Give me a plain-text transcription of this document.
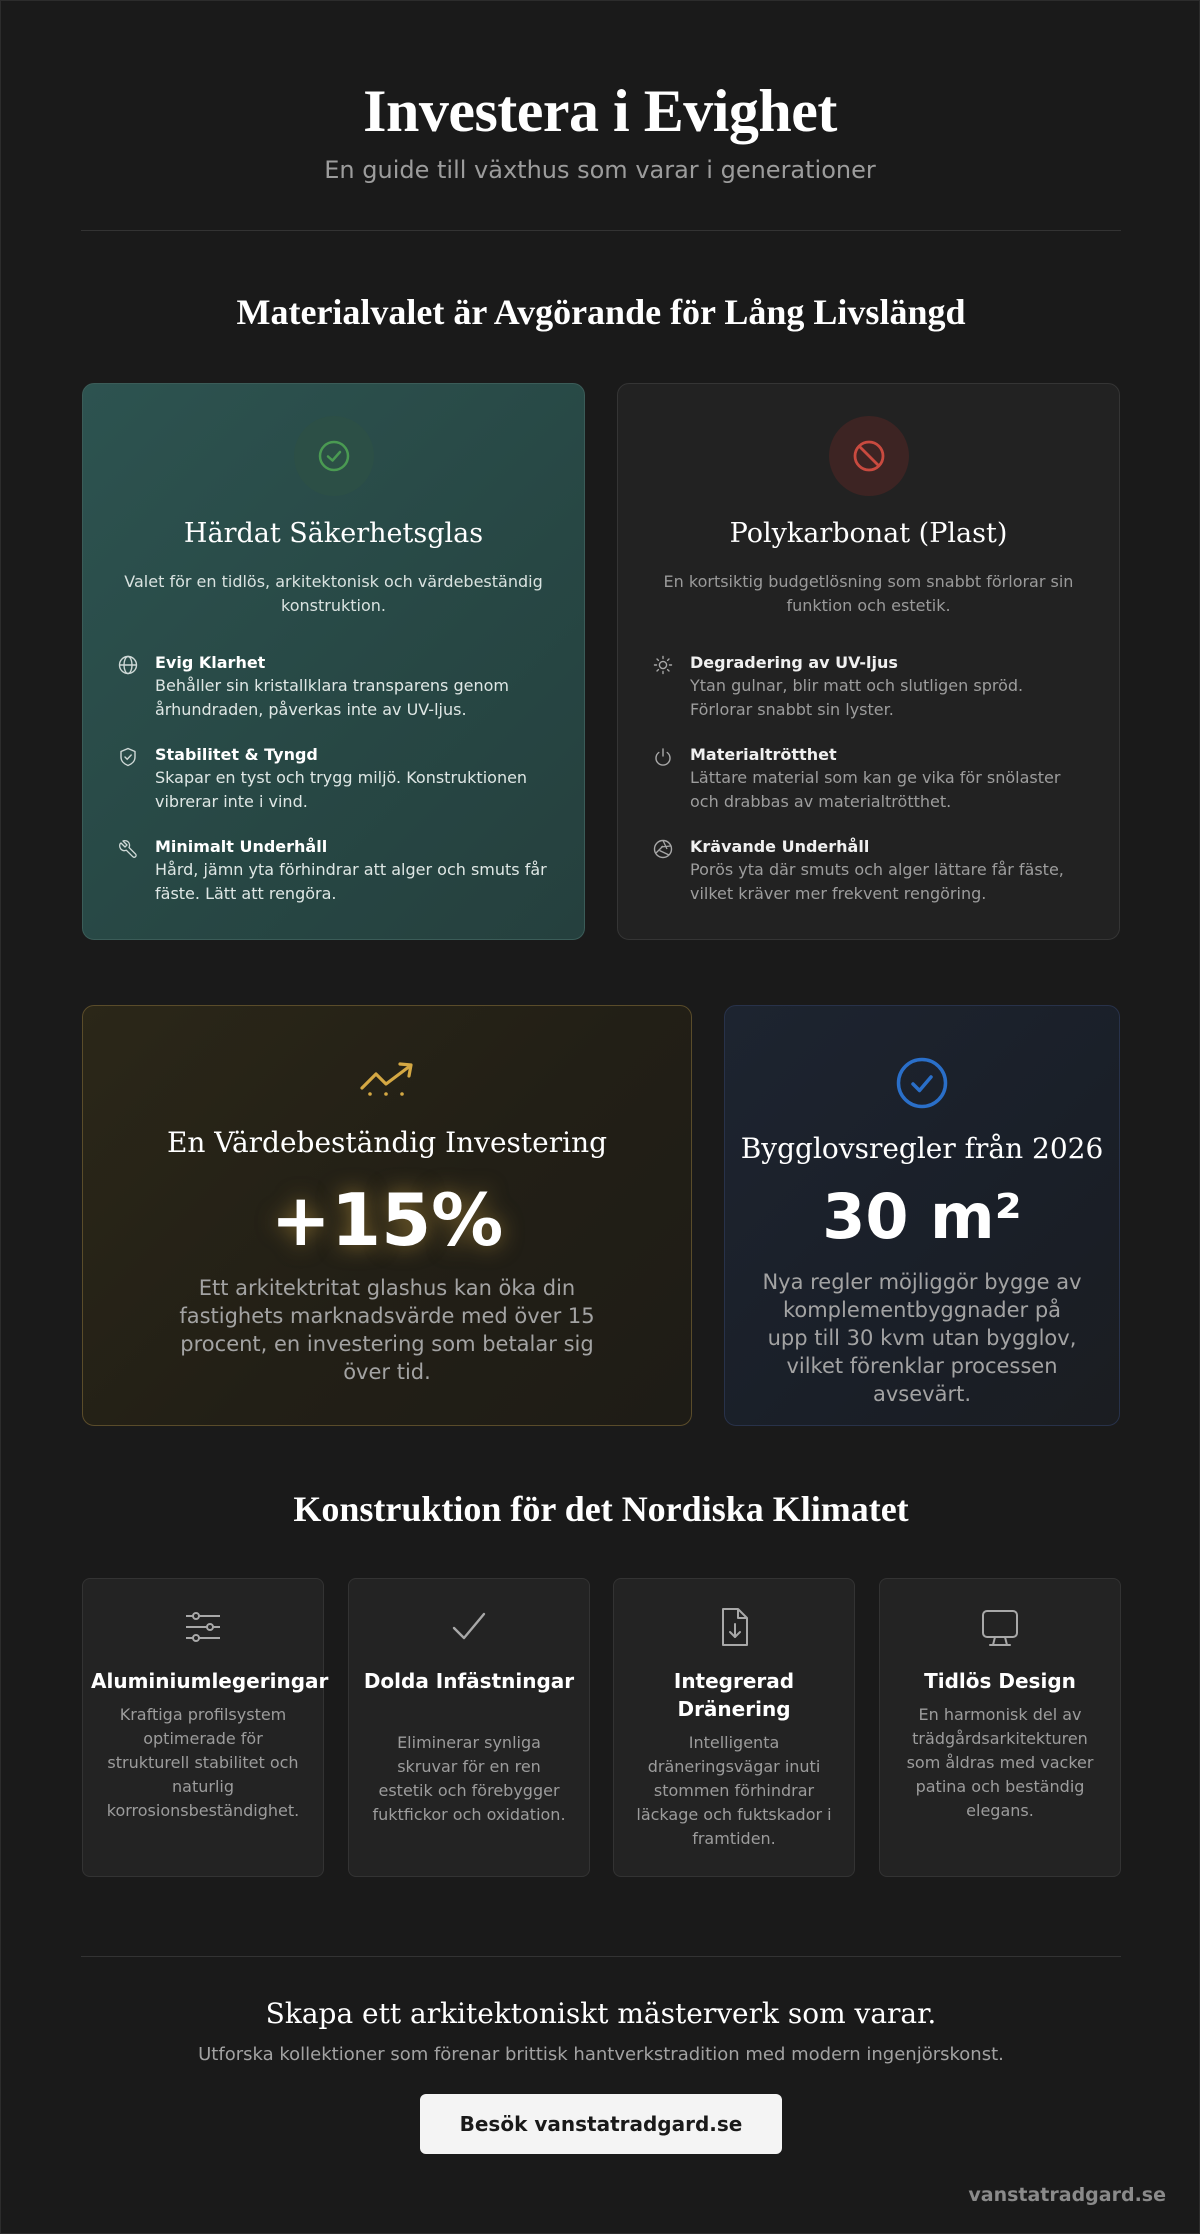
Investera i Evighet
En guide till växthus som varar i generationer
Materialvalet är Avgörande för Lång Livslängd
Härdat Säkerhetsglas
Valet för en tidlös, arkitektonisk och värdebeständig konstruktion.
Evig Klarhet
Behåller sin kristallklara transparens genom århundraden, påverkas inte av UV-ljus.
Stabilitet & Tyngd
Skapar en tyst och trygg miljö. Konstruktionen vibrerar inte i vind.
Minimalt Underhåll
Hård, jämn yta förhindrar att alger och smuts får fäste. Lätt att rengöra.
Polykarbonat (Plast)
En kortsiktig budgetlösning som snabbt förlorar sin funktion och estetik.
Degradering av UV-ljus
Ytan gulnar, blir matt och slutligen spröd. Förlorar snabbt sin lyster.
Materialtrötthet
Lättare material som kan ge vika för snölaster och drabbas av materialtrötthet.
Krävande Underhåll
Porös yta där smuts och alger lättare får fäste, vilket kräver mer frekvent rengöring.
En Värdebeständig Investering
+15%
Ett arkitektritat glashus kan öka din fastighets marknadsvärde med över 15 procent, en investering som betalar sig över tid.
Bygglovsregler från 2026
30 m²
Nya regler möjliggör bygge av komplementbyggnader på upp till 30 kvm utan bygglov, vilket förenklar processen avsevärt.
Konstruktion för det Nordiska Klimatet
Aluminiumlegeringar
Kraftiga profilsystem optimerade för strukturell stabilitet och naturlig korrosionsbeständighet.
Dolda Infästningar
Eliminerar synliga skruvar för en ren estetik och förebygger fuktfickor och oxidation.
Integrerad Dränering
Intelligenta dräneringsvägar inuti stommen förhindrar läckage och fuktskador i framtiden.
Tidlös Design
En harmonisk del av trädgårdsarkitekturen som åldras med vacker patina och beständig elegans.
Skapa ett arkitektoniskt mästerverk som varar.
Utforska kollektioner som förenar brittisk hantverkstradition med modern ingenjörskonst.
Besök vanstatradgard.se
vanstatradgard.se
